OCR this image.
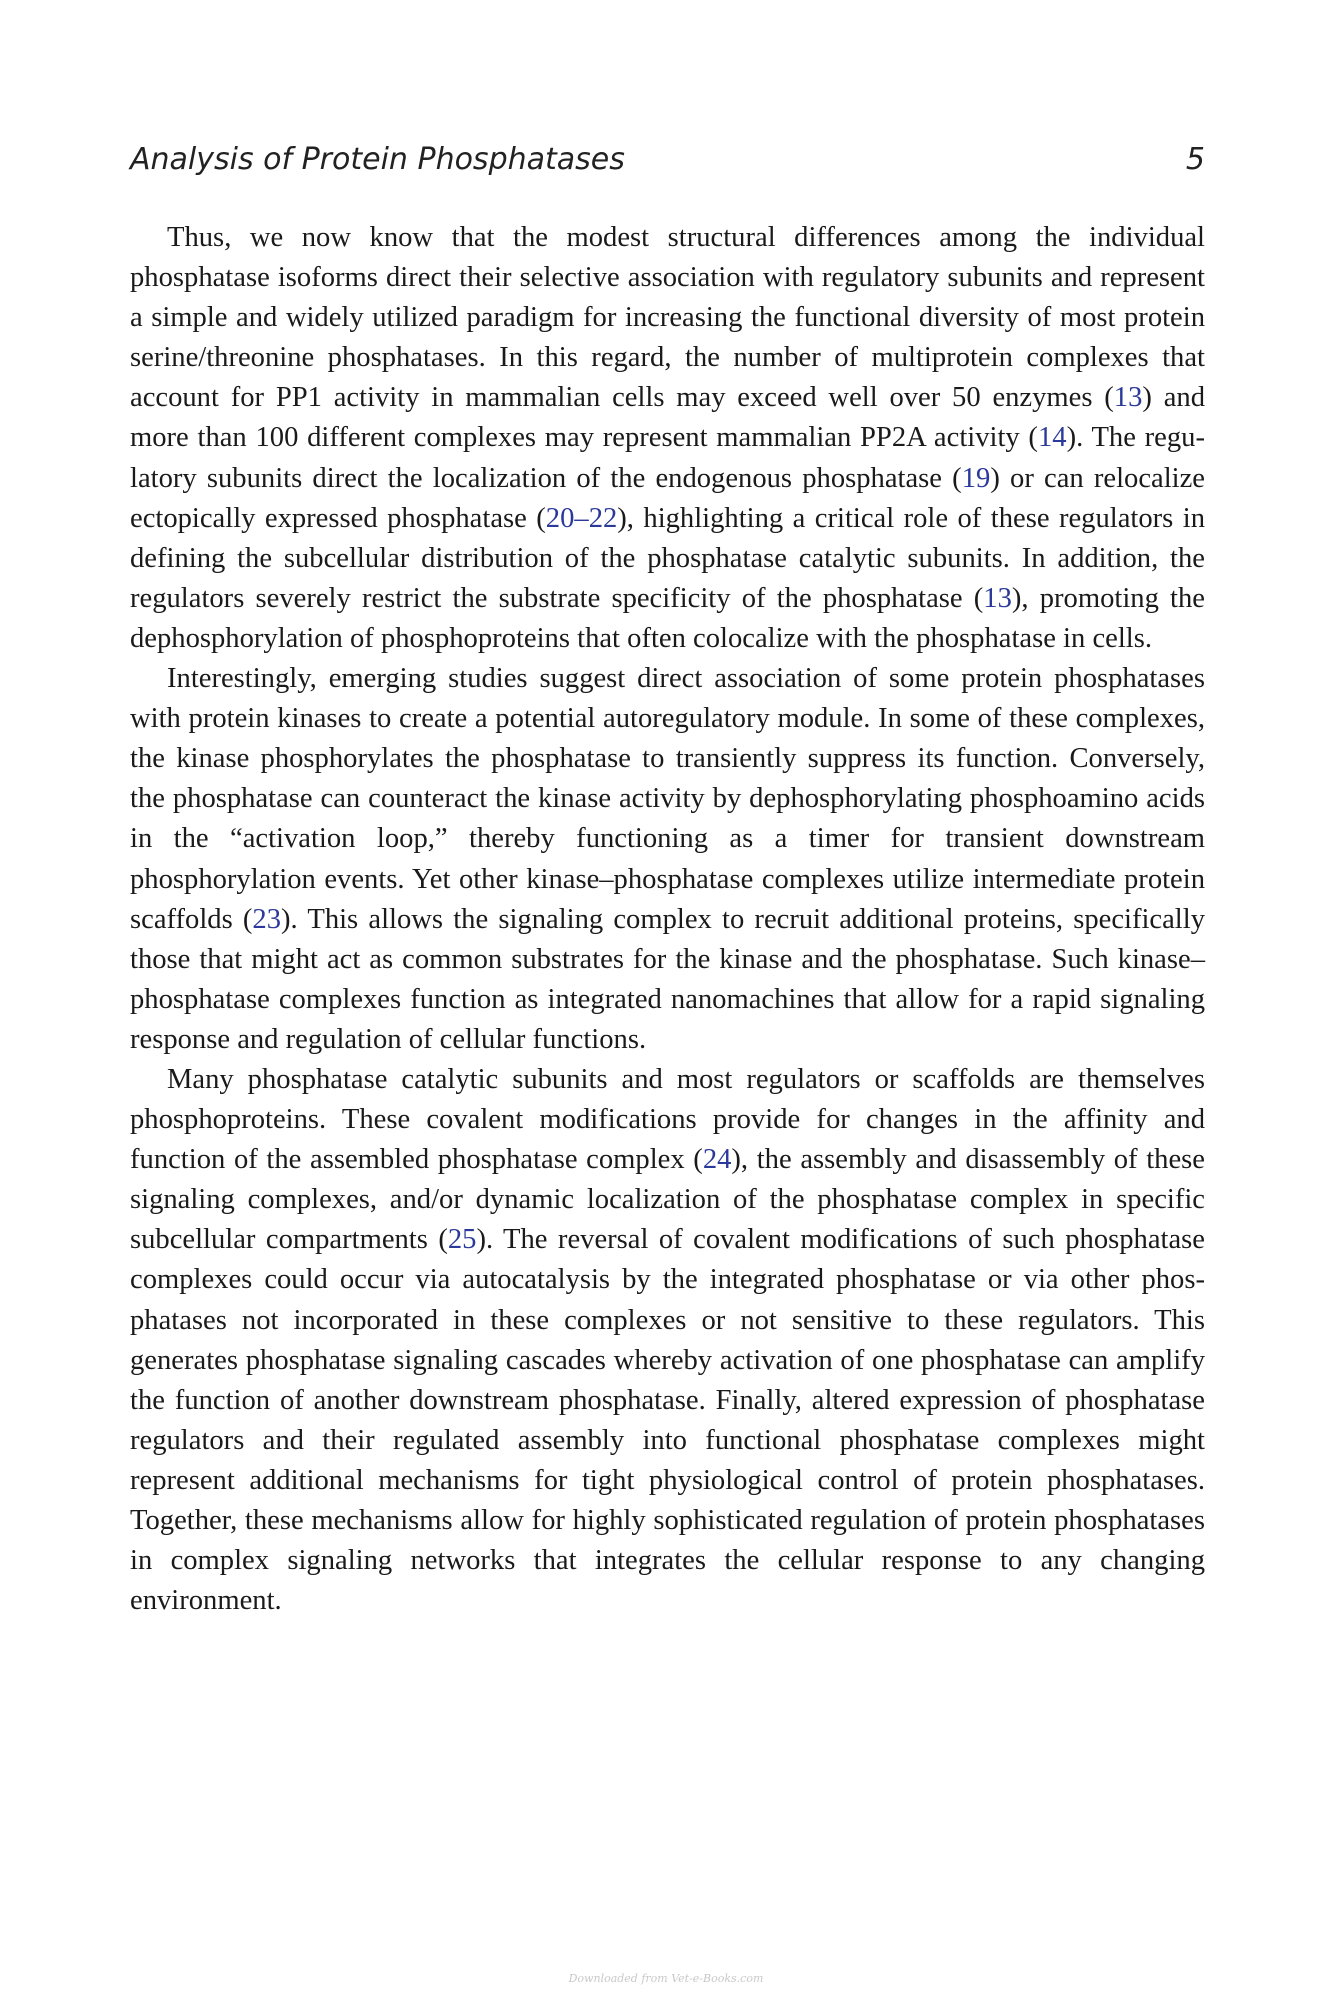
Analysis of Protein Phosphatases	5

Thus, we now know that the modest structural differences among the individual phosphatase isoforms direct their selective association with regulatory subunits and represent a simple and widely utilized paradigm for increasing the functional diversity of most protein serine/threonine phosphatases. In this regard, the number of multiprotein complexes that account for PP1 activity in mammalian cells may exceed well over 50 enzymes (13) and more than 100 different complexes may represent mammalian PP2A activity (14). The regulatory subunits direct the localization of the endogenous phosphatase (19) or can relocalize ectopically expressed phosphatase (20–22), highlighting a critical role of these regulators in defining the subcellular distribution of the phosphatase catalytic subunits. In addition, the regulators severely restrict the substrate specificity of the phosphatase (13), promoting the dephosphorylation of phosphoproteins that often colocalize with the phosphatase in cells.

Interestingly, emerging studies suggest direct association of some protein phosphatases with protein kinases to create a potential autoregulatory module. In some of these complexes, the kinase phosphorylates the phosphatase to transiently suppress its function. Conversely, the phosphatase can counteract the kinase activity by dephosphorylating phosphoamino acids in the “activation loop,” thereby functioning as a timer for transient downstream phosphorylation events. Yet other kinase–phosphatase complexes utilize intermediate protein scaffolds (23). This allows the signaling complex to recruit additional proteins, specifically those that might act as common substrates for the kinase and the phosphatase. Such kinase–phosphatase complexes function as integrated nanomachines that allow for a rapid signaling response and regulation of cellular functions.

Many phosphatase catalytic subunits and most regulators or scaffolds are themselves phosphoproteins. These covalent modifications provide for changes in the affinity and function of the assembled phosphatase complex (24), the assembly and disassembly of these signaling complexes, and/or dynamic localization of the phosphatase complex in specific subcellular compartments (25). The reversal of covalent modifications of such phosphatase complexes could occur via autocatalysis by the integrated phosphatase or via other phosphatases not incorporated in these complexes or not sensitive to these regulators. This generates phosphatase signaling cascades whereby activation of one phosphatase can amplify the function of another downstream phosphatase. Finally, altered expression of phosphatase regulators and their regulated assembly into functional phosphatase complexes might represent additional mechanisms for tight physiological control of protein phosphatases. Together, these mechanisms allow for highly sophisticated regulation of protein phosphatases in complex signaling networks that integrates the cellular response to any changing environment.

Downloaded from Vet-e-Books.com
